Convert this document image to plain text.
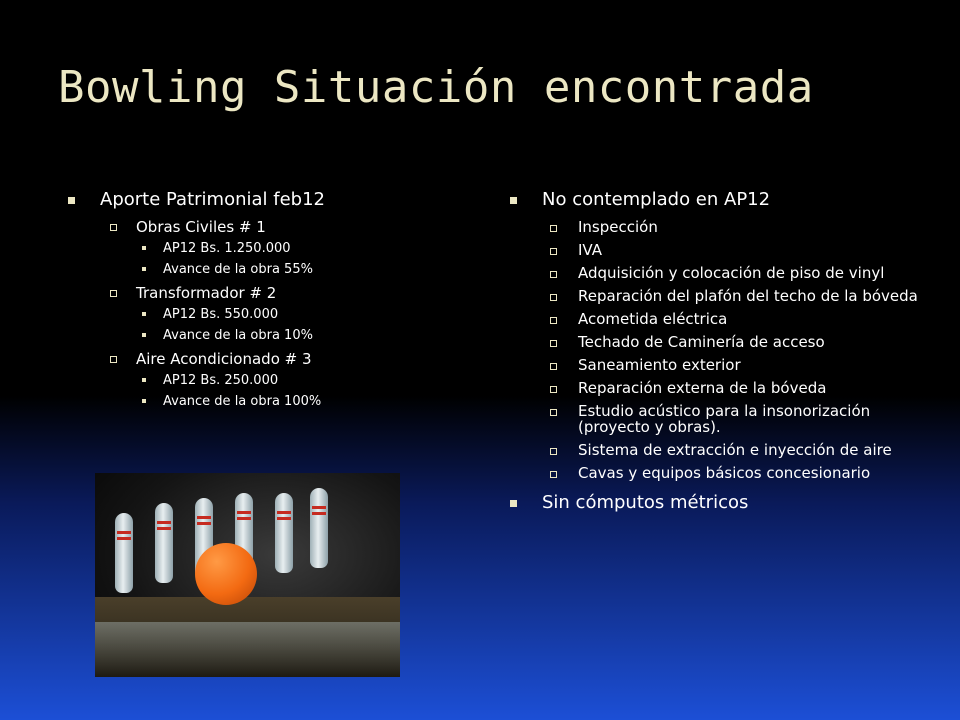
Bowling Situación encontrada
Aporte Patrimonial feb12
Obras Civiles # 1
AP12 Bs. 1.250.000
Avance de la obra 55%
Transformador # 2
AP12 Bs. 550.000
Avance de la obra 10%
Aire Acondicionado # 3
AP12 Bs. 250.000
Avance de la obra 100%
No contemplado en AP12
Inspección
IVA
Adquisición y colocación de piso de vinyl
Reparación del plafón del techo de la bóveda
Acometida eléctrica
Techado de Caminería de acceso
Saneamiento exterior
Reparación externa de la bóveda
Estudio acústico para la insonorización (proyecto y obras).
Sistema de extracción e inyección de aire
Cavas y equipos básicos concesionario
Sin cómputos métricos
